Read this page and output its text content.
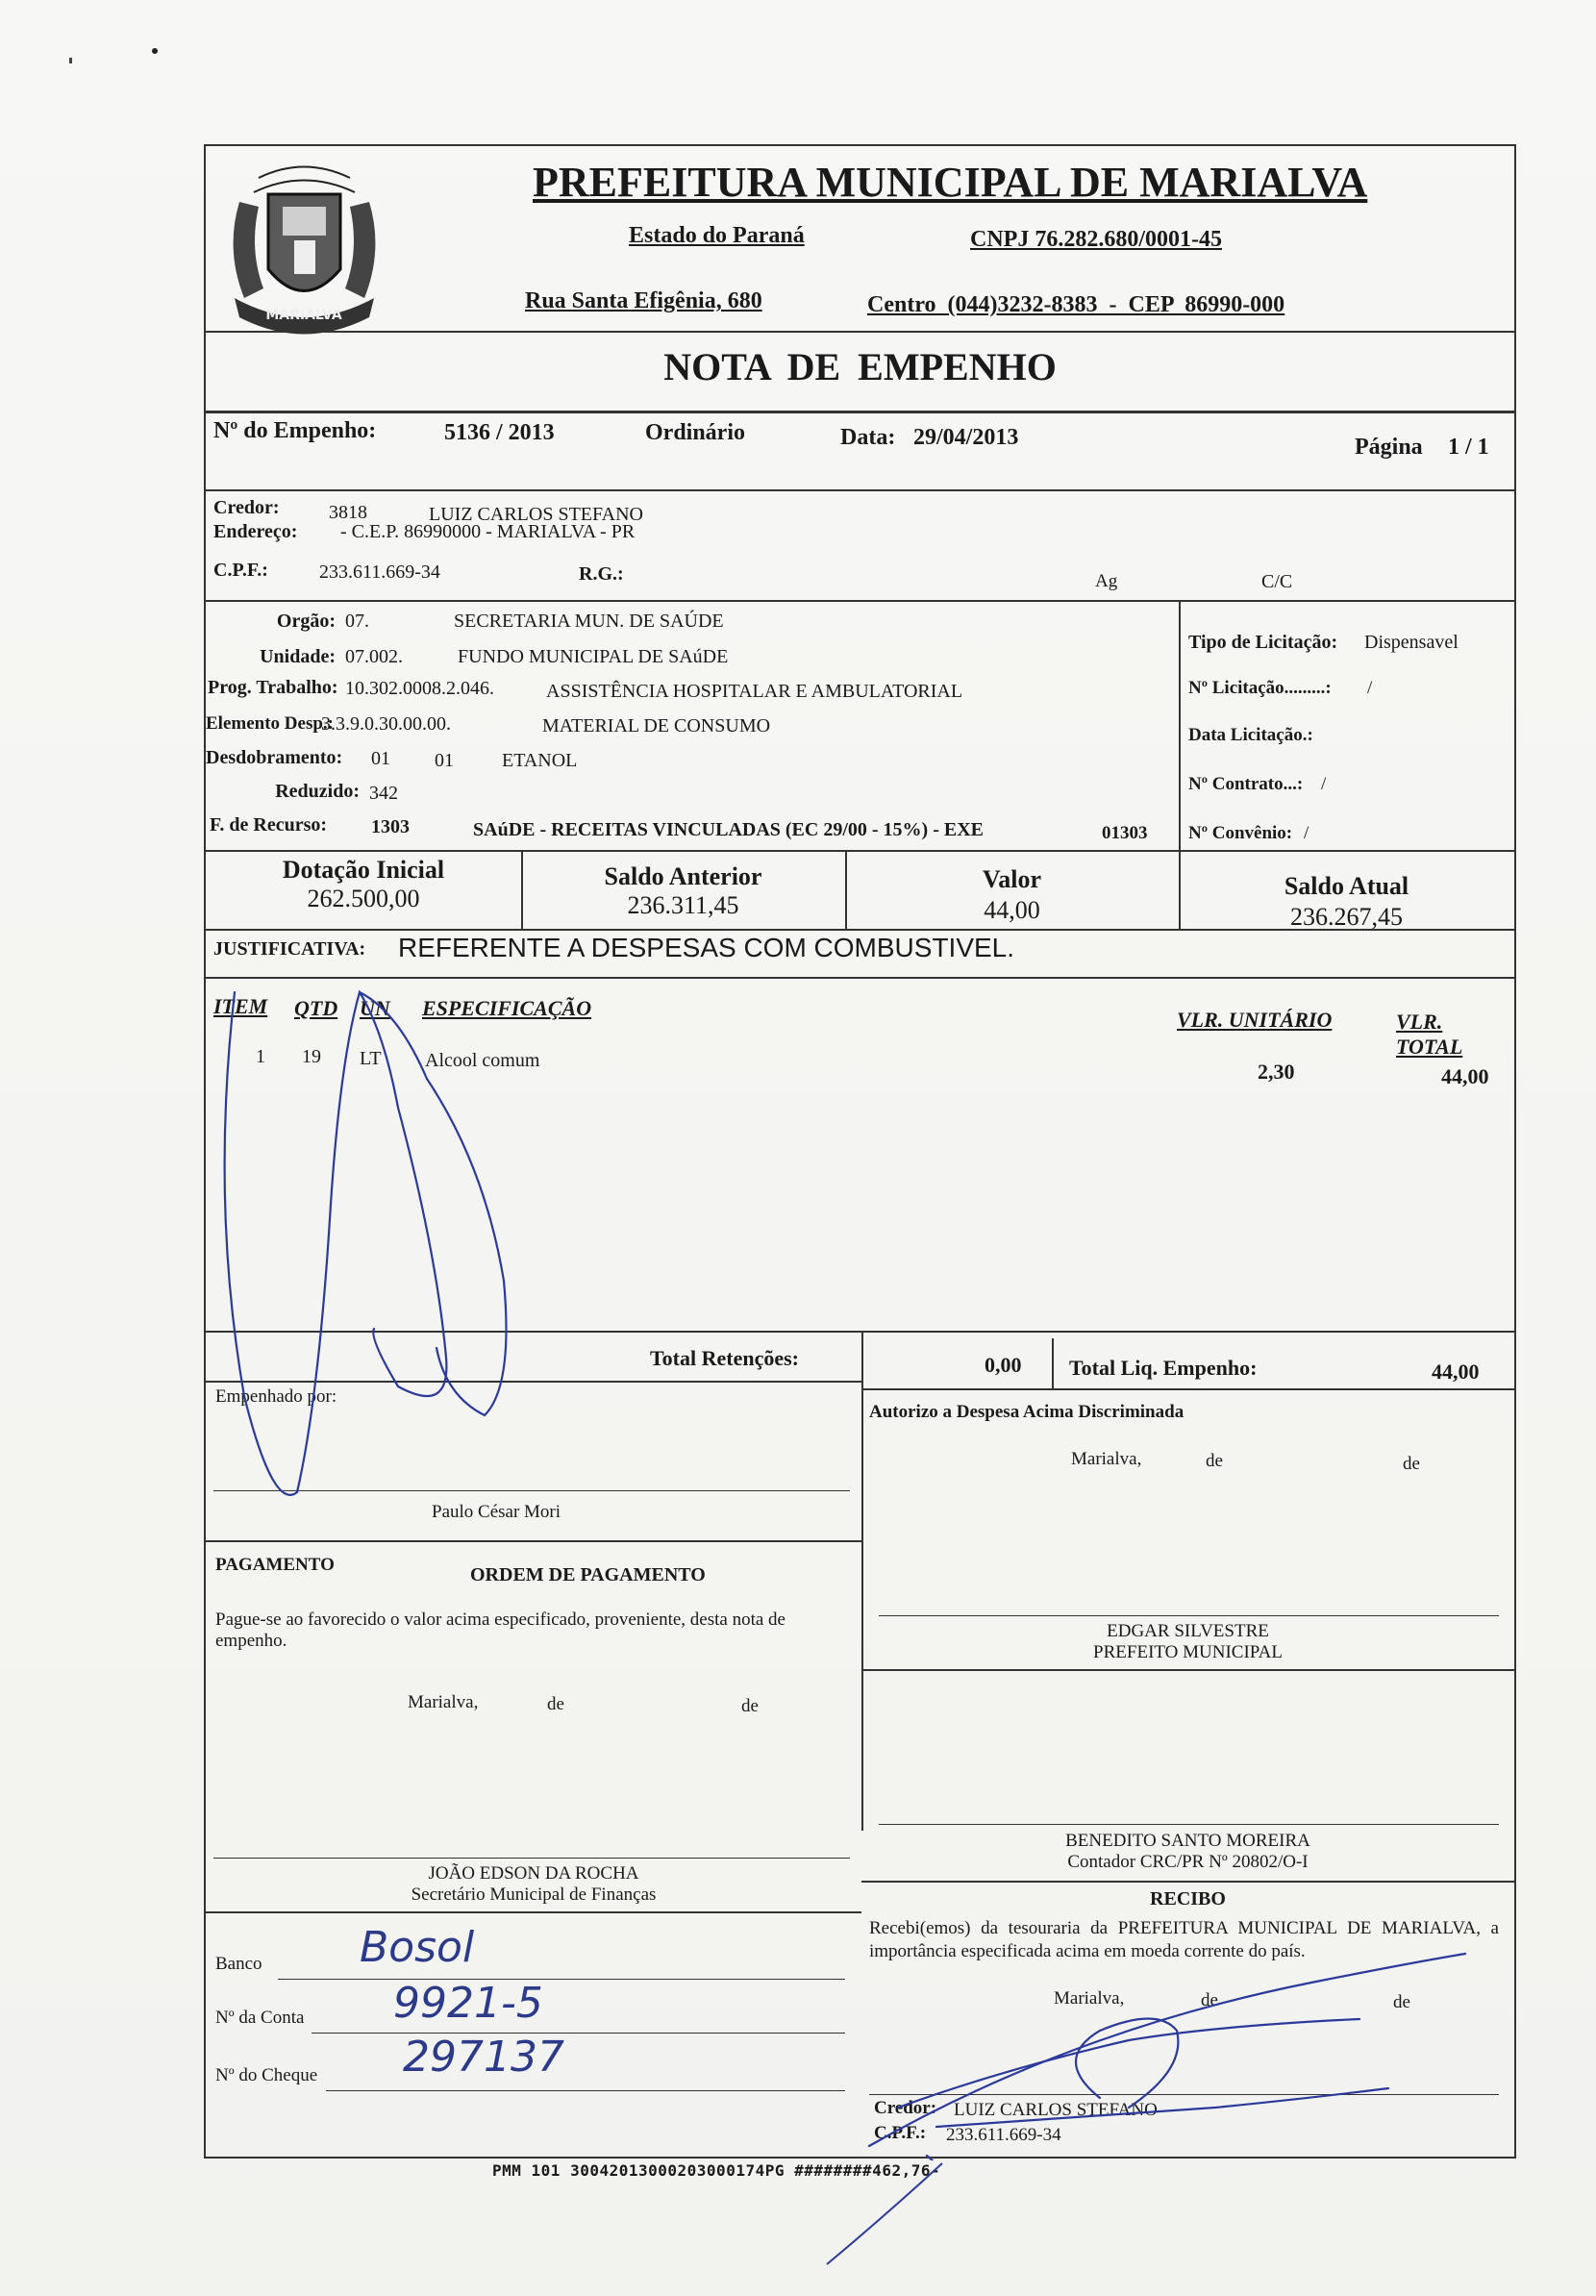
MARIALVA
PREFEITURA MUNICIPAL DE MARIALVA
Estado do Paraná	CNPJ 76.282.680/0001-45
Rua Santa Efigênia, 680	Centro (044)3232-8383 - CEP 86990-000
NOTA DE EMPENHO
Nº do Empenho:	5136 / 2013	Ordinário	Data: 29/04/2013	Página 1 / 1
Credor:	3818	LUIZ CARLOS STEFANO
Endereço: - C.E.P. 86990000 - MARIALVA - PR
C.P.F.:	233.611.669-34	R.G.:	Ag	C/C
Orgão: 07.	SECRETARIA MUN. DE SAÚDE
Unidade: 07.002.	FUNDO MUNICIPAL DE SAúDE
Prog. Trabalho: 10.302.0008.2.046.	ASSISTÊNCIA HOSPITALAR E AMBULATORIAL
Elemento Desp.:
3.3.9.0.30.00.00.	MATERIAL DE CONSUMO
Desdobramento: 01 01	ETANOL
Reduzido: 342
F. de Recurso: 1303	SAúDE - RECEITAS VINCULADAS (EC 29/00 - 15%) - EXE	01303
Tipo de Licitação: Dispensavel
Nº Licitação.........: /
Data Licitação.:
Nº Contrato...: /
Nº Convênio: /
Dotação Inicial
262.500,00
Saldo Anterior
236.311,45
Valor
44,00
Saldo Atual
236.267,45
JUSTIFICATIVA: REFERENTE A DESPESAS COM COMBUSTIVEL.
ITEM QTD UN ESPECIFICAÇÃO	VLR. UNITÁRIO	VLR. TOTAL
1 19 LT Alcool comum	2,30	44,00
Total Retenções:	0,00 Total Liq. Empenho:	44,00
Empenhado por:
Paulo César Mori
Autorizo a Despesa Acima Discriminada
Marialva,	de	de
EDGAR SILVESTRE
PREFEITO MUNICIPAL
PAGAMENTO	ORDEM DE PAGAMENTO
Pague-se ao favorecido o valor acima especificado, proveniente, desta nota de empenho.
Marialva,	de	de
BENEDITO SANTO MOREIRA
Contador CRC/PR Nº 20802/O-I
JOÃO EDSON DA ROCHA
Secretário Municipal de Finanças
Banco Bosol
Nº da Conta 9921-5
Nº do Cheque 297137
RECIBO
Recebi(emos) da tesouraria da PREFEITURA MUNICIPAL DE MARIALVA, a importância especificada acima em moeda corrente do país.
Marialva,	de	de
Credor: LUIZ CARLOS STEFANO
C.P.F.: 233.611.669-34
PMM 101 30042013000203000174PG ########462,76-
